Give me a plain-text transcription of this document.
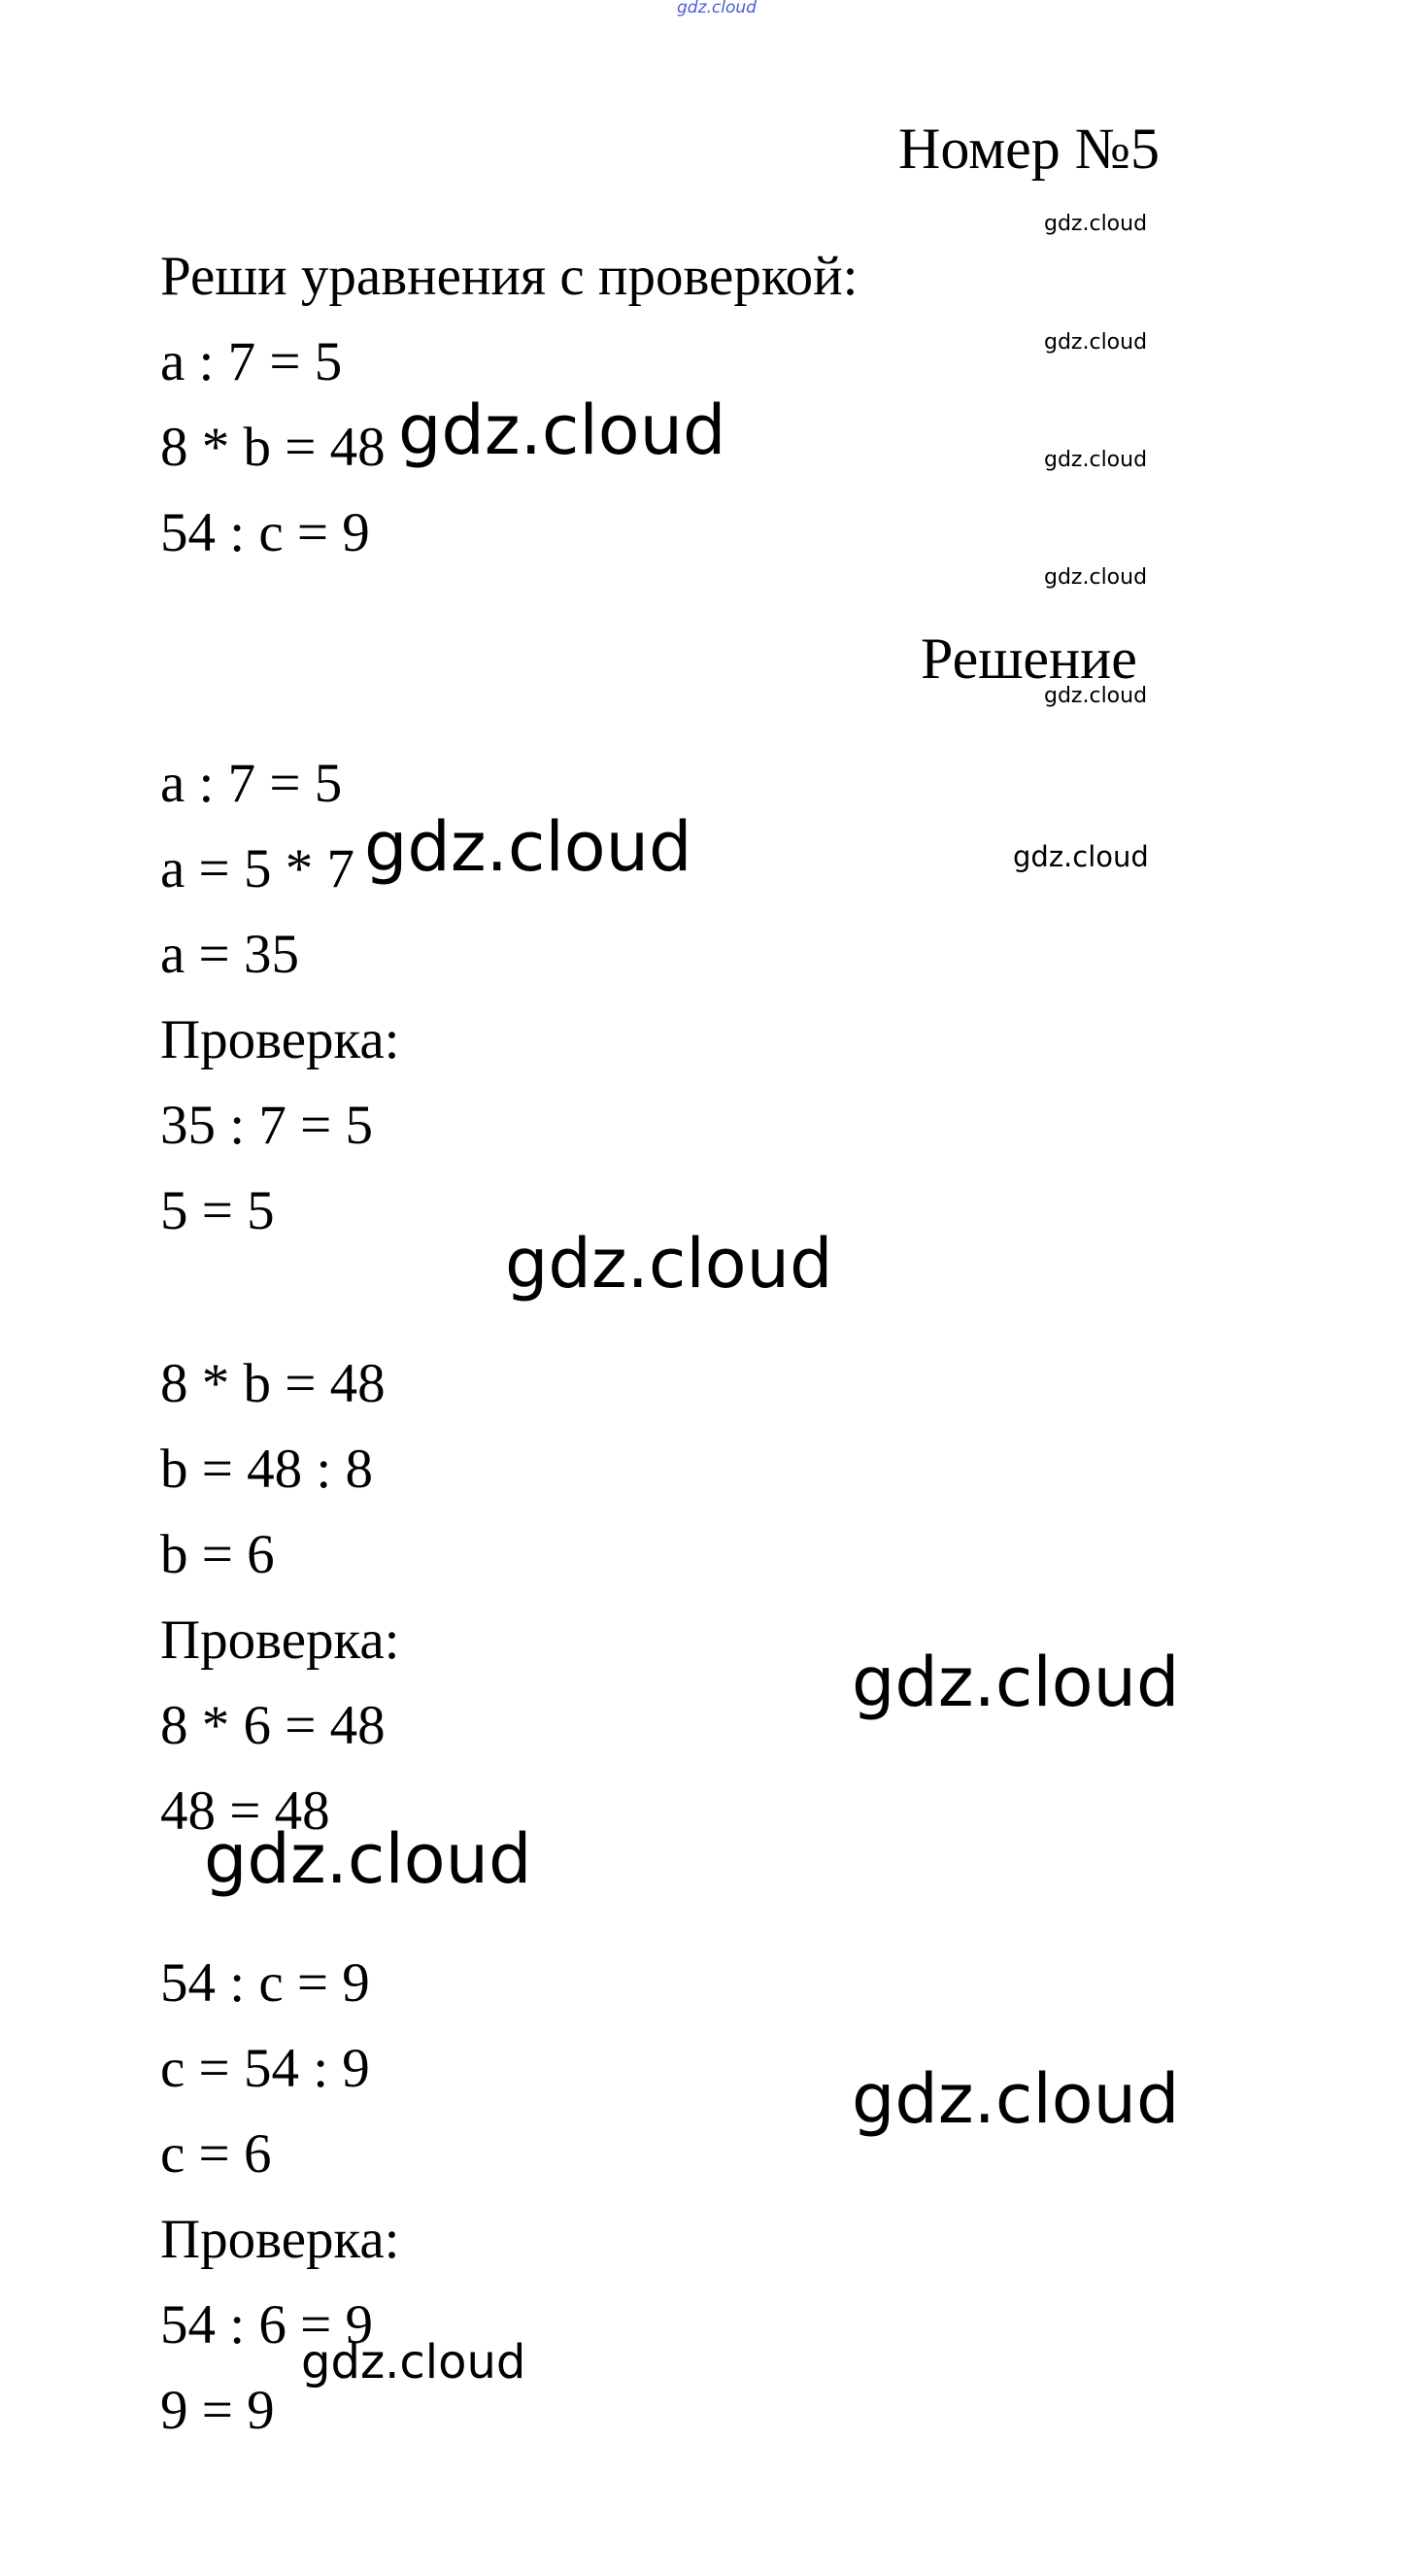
gdz.cloud
Номер №5
gdz.cloud
gdz.cloud
gdz.cloud
gdz.cloud
gdz.cloud
Реши уравнения с проверкой:
a : 7 = 5
8 * b = 48
54 : c = 9
gdz.cloud
Решение
a : 7 = 5
a = 5 * 7
a = 35
Проверка:
35 : 7 = 5
5 = 5
gdz.cloud	gdz.cloud
gdz.cloud
8 * b = 48
b = 48 : 8
b = 6
Проверка:
8 * 6 = 48
48 = 48
gdz.cloud
gdz.cloud
54 : c = 9
c = 54 : 9
c = 6
Проверка:
54 : 6 = 9
9 = 9
gdz.cloud
gdz.cloud
